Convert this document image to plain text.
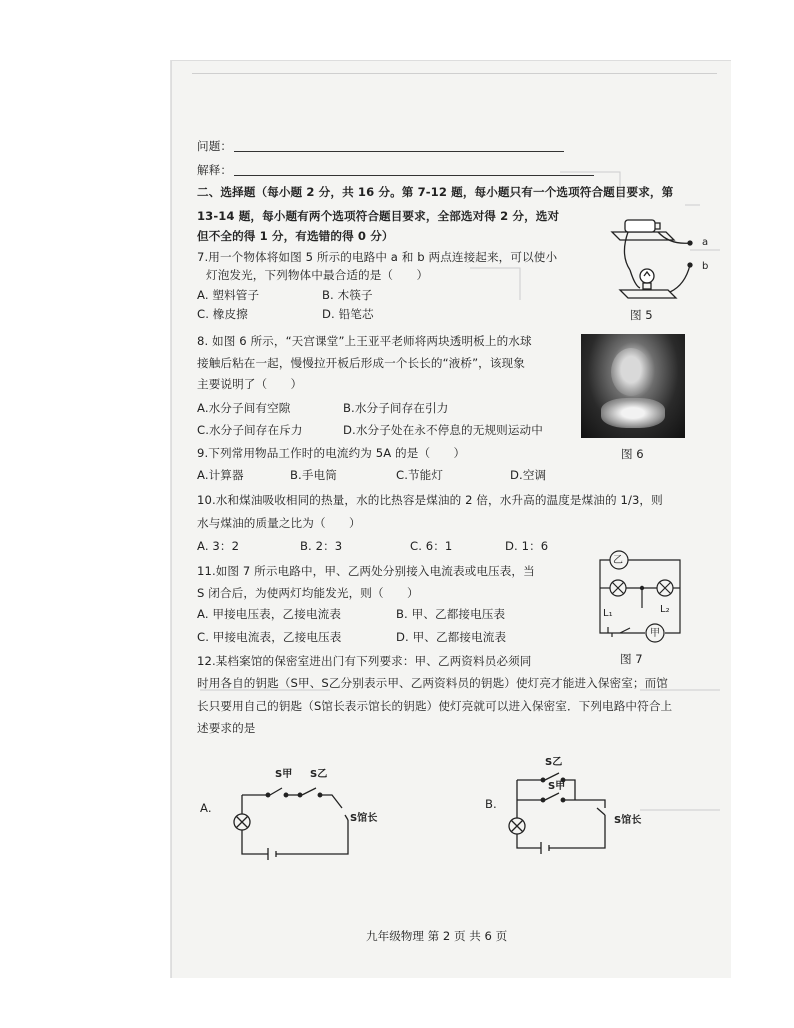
问题：
解释：
二、选择题（每小题 2 分，共 16 分。第 7-12 题，每小题只有一个选项符合题目要求，第
13-14 题，每小题有两个选项符合题目要求，全部选对得 2 分，选对
但不全的得 1 分，有选错的得 0 分）
7.用一个物体将如图 5 所示的电路中 a 和 b 两点连接起来，可以使小
灯泡发光，下列物体中最合适的是（　　）
A. 塑料管子	B. 木筷子
C. 橡皮擦	D. 铅笔芯
a
b
图 5
8. 如图 6 所示，“天宫课堂”上王亚平老师将两块透明板上的水球
接触后粘在一起，慢慢拉开板后形成一个长长的“液桥”，该现象
主要说明了（　　）
A.水分子间有空隙	B.水分子间存在引力
C.水分子间存在斥力	D.水分子处在永不停息的无规则运动中
图 6
9.下列常用物品工作时的电流约为 5A 的是（　　）
A.计算器	B.手电筒	C.节能灯	D.空调
10.水和煤油吸收相同的热量，水的比热容是煤油的 2 倍，水升高的温度是煤油的 1/3，则
水与煤油的质量之比为（　　）
A. 3：2	B. 2：3	C. 6：1	D. 1：6
11.如图 7 所示电路中，甲、乙两处分别接入电流表或电压表，当
S 闭合后，为使两灯均能发光，则（　　）
A. 甲接电压表，乙接电流表	B. 甲、乙都接电压表
C. 甲接电流表，乙接电压表	D. 甲、乙都接电流表
乙
甲
L₁	L₂
图 7
12.某档案馆的保密室进出门有下列要求：甲、乙两资料员必须同
时用各自的钥匙（S甲、S乙分别表示甲、乙两资料员的钥匙）使灯亮才能进入保密室；而馆
长只要用自己的钥匙（S馆长表示馆长的钥匙）使灯亮就可以进入保密室．下列电路中符合上
述要求的是
A.
S甲 S乙
S馆长
B.
S乙
S甲
S馆长
九年级物理 第 2 页 共 6 页
